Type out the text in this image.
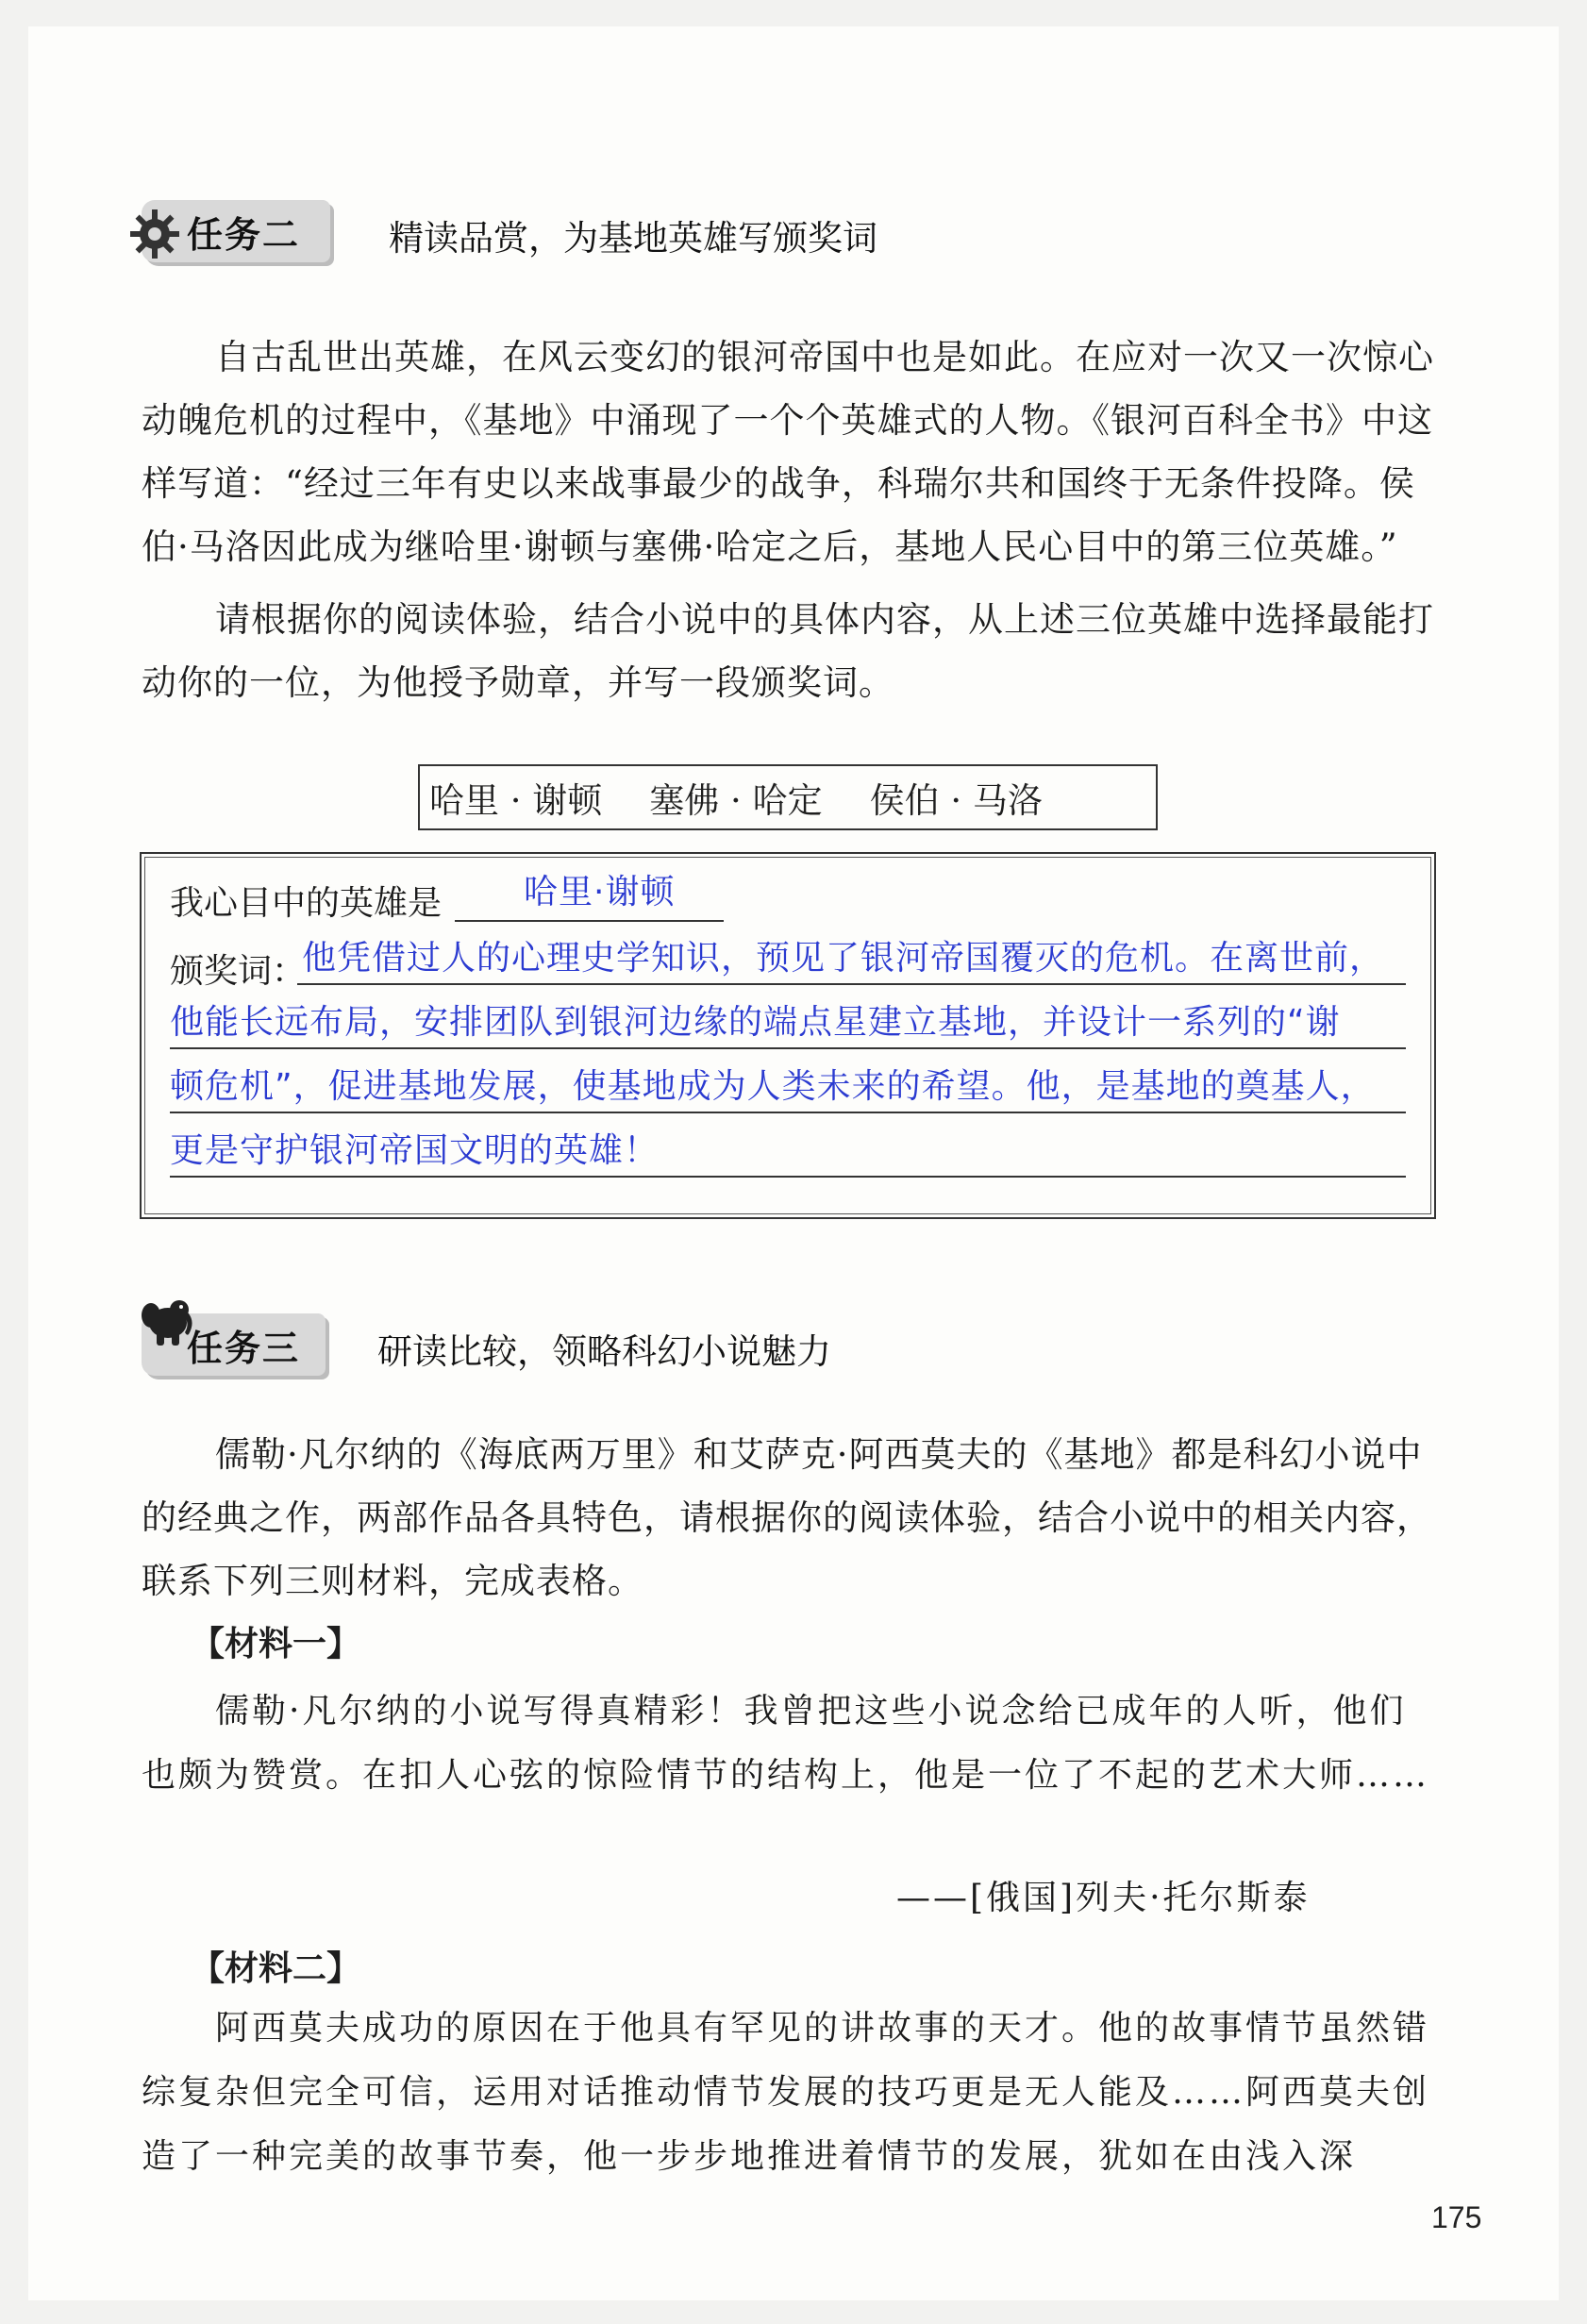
任务二	精读品赏，为基地英雄写颁奖词

自古乱世出英雄，在风云变幻的银河帝国中也是如此。在应对一次又一次惊心动魄危机的过程中，《基地》中涌现了一个个英雄式的人物。《银河百科全书》中这样写道：“经过三年有史以来战事最少的战争，科瑞尔共和国终于无条件投降。侯伯·马洛因此成为继哈里·谢顿与塞佛·哈定之后，基地人民心目中的第三位英雄。”

请根据你的阅读体验，结合小说中的具体内容，从上述三位英雄中选择最能打动你的一位，为他授予勋章，并写一段颁奖词。

哈里 · 谢顿 塞佛 · 哈定 侯伯 · 马洛
我心目中的英雄是 哈里·谢顿
颁奖词：
他凭借过人的心理史学知识，预见了银河帝国覆灭的危机。在离世前，
他能长远布局，安排团队到银河边缘的端点星建立基地，并设计一系列的“谢
顿危机”，促进基地发展，使基地成为人类未来的希望。他，是基地的奠基人，
更是守护银河帝国文明的英雄！
任务三 研读比较，领略科幻小说魅力

儒勒·凡尔纳的《海底两万里》和艾萨克·阿西莫夫的《基地》都是科幻小说中的经典之作，两部作品各具特色，请根据你的阅读体验，结合小说中的相关内容，联系下列三则材料，完成表格。

【材料一】

儒勒·凡尔纳的小说写得真精彩！我曾把这些小说念给已成年的人听，他们也颇为赞赏。在扣人心弦的惊险情节的结构上，他是一位了不起的艺术大师……

——[俄国]列夫·托尔斯泰
【材料二】

阿西莫夫成功的原因在于他具有罕见的讲故事的天才。他的故事情节虽然错综复杂但完全可信，运用对话推动情节发展的技巧更是无人能及……阿西莫夫创造了一种完美的故事节奏，他一步步地推进着情节的发展，犹如在由浅入深

175
